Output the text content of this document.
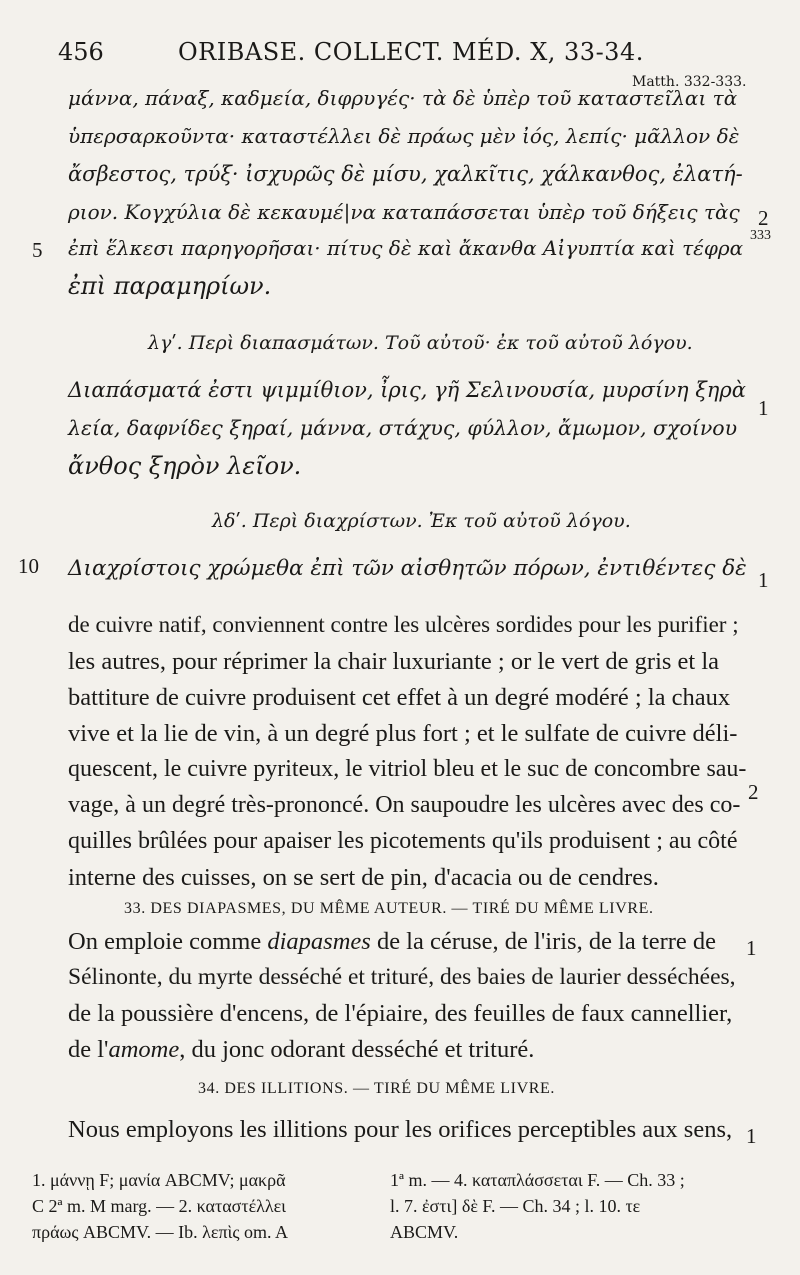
456	ORIBASE. COLLECT. MÉD. X, 33-34.
Matth. 332-333.
μάννα, πάναξ, καδμεία, διφρυγές· τὰ δὲ ὑπὲρ τοῦ καταστεῖλαι τὰ
ὑπερσαρκοῦντα· καταστέλλει δὲ πράως μὲν ἰός, λεπίς· μᾶλλον δὲ
ἄσβεστος, τρύξ· ἰσχυρῶς δὲ μίσυ, χαλκῖτις, χάλκανθος, ἐλατή-
ριον. Κογχύλια δὲ κεκαυμέ|να καταπάσσεται ὑπὲρ τοῦ δήξεις τὰς 2
333
5 ἐπὶ ἕλκεσι παρηγορῆσαι· πίτυς δὲ καὶ ἄκανθα Αἰγυπτία καὶ τέφρα
ἐπὶ παραμηρίων.
λγʹ. Περὶ διαπασμάτων. Τοῦ αὐτοῦ· ἐκ τοῦ αὐτοῦ λόγου.
Διαπάσματά ἐστι ψιμμίθιον, ἶρις, γῆ Σελινουσία, μυρσίνη ξηρὰ
1
λεία, δαφνίδες ξηραί, μάννα, στάχυς, φύλλον, ἄμωμον, σχοίνου
ἄνθος ξηρὸν λεῖον.
λδʹ. Περὶ διαχρίστων. Ἐκ τοῦ αὐτοῦ λόγου.
10 Διαχρίστοις χρώμεθα ἐπὶ τῶν αἰσθητῶν πόρων, ἐντιθέντες δὲ 1
de cuivre natif, conviennent contre les ulcères sordides pour les purifier ;
les autres, pour réprimer la chair luxuriante ; or le vert de gris et la
battiture de cuivre produisent cet effet à un degré modéré ; la chaux
vive et la lie de vin, à un degré plus fort ; et le sulfate de cuivre déli-
quescent, le cuivre pyriteux, le vitriol bleu et le suc de concombre sau-
vage, à un degré très-prononcé. On saupoudre les ulcères avec des co- 2
quilles brûlées pour apaiser les picotements qu'ils produisent ; au côté
interne des cuisses, on se sert de pin, d'acacia ou de cendres.
33. DES DIAPASMES, DU MÊME AUTEUR. — TIRÉ DU MÊME LIVRE.
On emploie comme diapasmes de la céruse, de l'iris, de la terre de 1
Sélinonte, du myrte desséché et trituré, des baies de laurier desséchées,
de la poussière d'encens, de l'épiaire, des feuilles de faux cannellier,
de l'amome, du jonc odorant desséché et trituré.
34. DES ILLITIONS. — TIRÉ DU MÊME LIVRE.
Nous employons les illitions pour les orifices perceptibles aux sens, 1
1. μάννῃ F; μανία ABCMV; μακρᾶ
C 2ª m. M marg. — 2. καταστέλλει
πράως ABCMV. — Ib. λεπὶς om. A
1ª m. — 4. καταπλάσσεται F. — Ch. 33 ;
l. 7. ἐστι] δὲ F. — Ch. 34 ; l. 10. τε
ABCMV.
